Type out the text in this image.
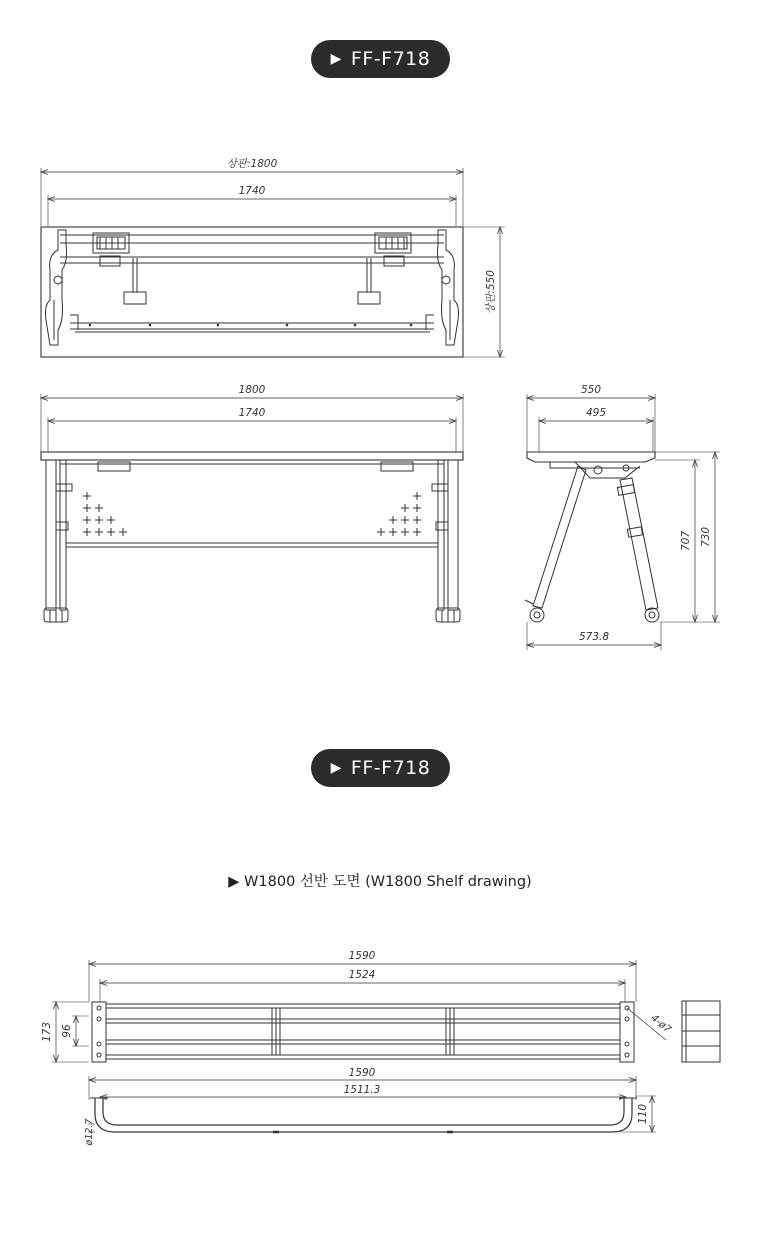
▶ FF-F718
▶ FF-F718
▶ W1800 선반 도면 (W1800 Shelf drawing)
상판:1800
1740
상판:550
1800
1740
550
495
707 730
573.8
1590
1524
173 96	4-ø7
1590
1511.3
110
ø12.7
